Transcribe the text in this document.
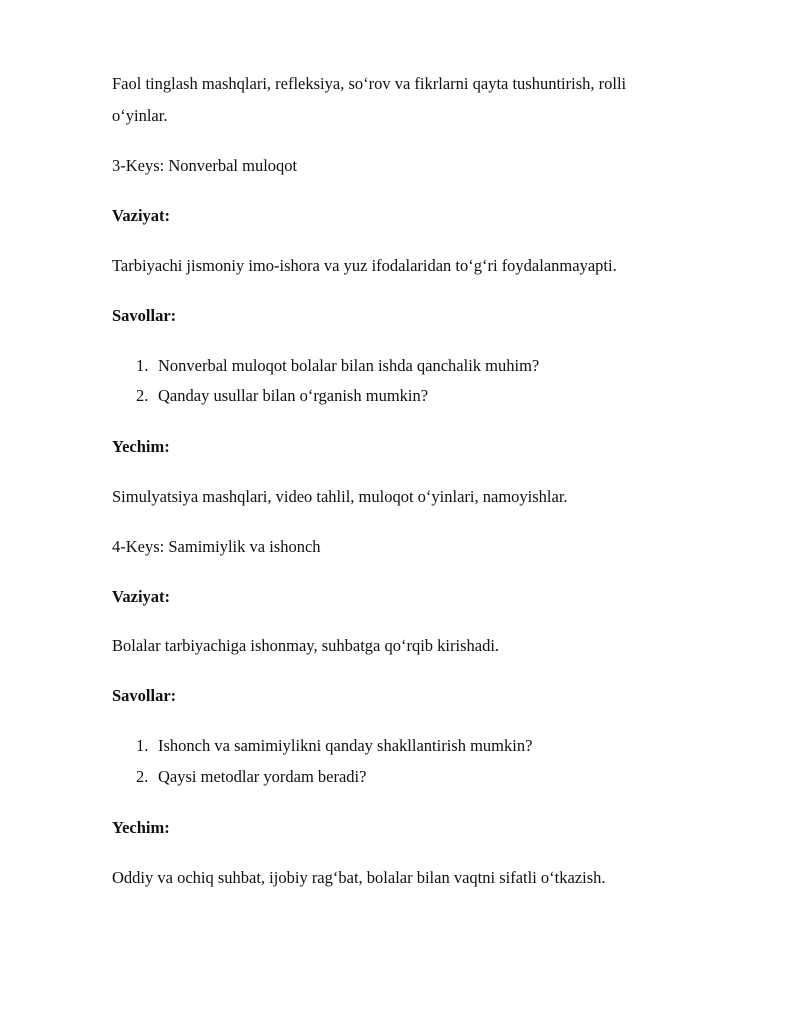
Faol tinglash mashqlari, refleksiya, so‘rov va fikrlarni qayta tushuntirish, rolli

o‘yinlar.

3-Keys: Nonverbal muloqot

Vaziyat:

Tarbiyachi jismoniy imo-ishora va yuz ifodalaridan to‘g‘ri foydalanmayapti.

Savollar:

1. Nonverbal muloqot bolalar bilan ishda qanchalik muhim?
2. Qanday usullar bilan o‘rganish mumkin?

Yechim:

Simulyatsiya mashqlari, video tahlil, muloqot o‘yinlari, namoyishlar.

4-Keys: Samimiylik va ishonch

Vaziyat:

Bolalar tarbiyachiga ishonmay, suhbatga qo‘rqib kirishadi.

Savollar:

1. Ishonch va samimiylikni qanday shakllantirish mumkin?
2. Qaysi metodlar yordam beradi?

Yechim:

Oddiy va ochiq suhbat, ijobiy rag‘bat, bolalar bilan vaqtni sifatli o‘tkazish.
